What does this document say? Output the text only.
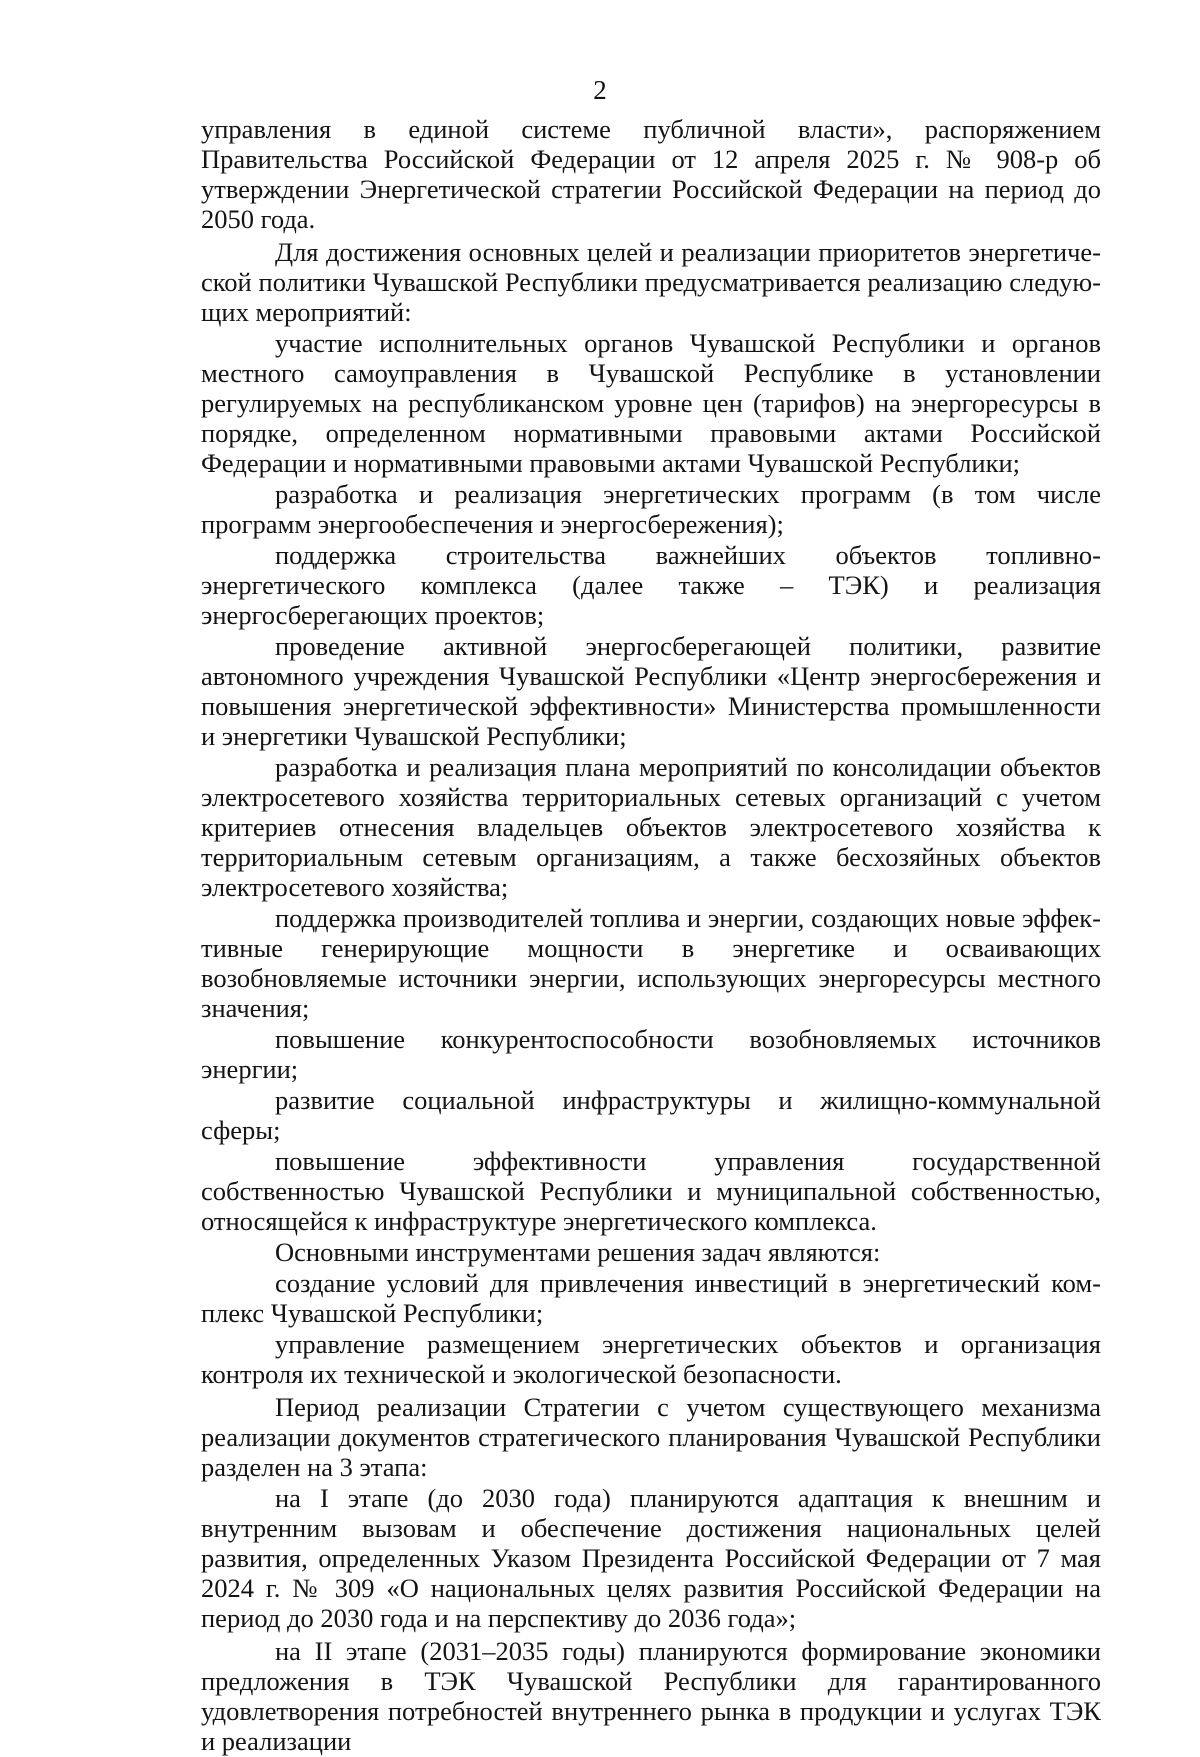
2

управления в единой системе публичной власти», распоряжением Правительства Российской Федерации от 12 апреля 2025 г. № 908-р об утверждении Энергетической стратегии Российской Федерации на период до 2050 года.

Для достижения основных целей и реализации приоритетов энергетической политики Чувашской Республики предусматривается реализацию следующих мероприятий:

участие исполнительных органов Чувашской Республики и органов местного самоуправления в Чувашской Республике в установлении регулируемых на республиканском уровне цен (тарифов) на энергоресурсы в порядке, определенном нормативными правовыми актами Российской Федерации и нормативными правовыми актами Чувашской Республики;

разработка и реализация энергетических программ (в том числе программ энергообеспечения и энергосбережения);

поддержка строительства важнейших объектов топливно-энергетического комплекса (далее также – ТЭК) и реализация энергосберегающих проектов;

проведение активной энергосберегающей политики, развитие автономного учреждения Чувашской Республики «Центр энергосбережения и повышения энергетической эффективности» Министерства промышленности и энергетики Чувашской Республики;

разработка и реализация плана мероприятий по консолидации объектов электросетевого хозяйства территориальных сетевых организаций с учетом критериев отнесения владельцев объектов электросетевого хозяйства к территориальным сетевым организациям, а также бесхозяйных объектов электросетевого хозяйства;

поддержка производителей топлива и энергии, создающих новые эффективные генерирующие мощности в энергетике и осваивающих возобновляемые источники энергии, использующих энергоресурсы местного значения;

повышение конкурентоспособности возобновляемых источников энергии;

развитие социальной инфраструктуры и жилищно-коммунальной сферы;

повышение эффективности управления государственной собственностью Чувашской Республики и муниципальной собственностью, относящейся к инфраструктуре энергетического комплекса.

Основными инструментами решения задач являются:

создание условий для привлечения инвестиций в энергетический комплекс Чувашской Республики;

управление размещением энергетических объектов и организация контроля их технической и экологической безопасности.

Период реализации Стратегии с учетом существующего механизма реализации документов стратегического планирования Чувашской Республики разделен на 3 этапа:

на I этапе (до 2030 года) планируются адаптация к внешним и внутренним вызовам и обеспечение достижения национальных целей развития, определенных Указом Президента Российской Федерации от 7 мая 2024 г. № 309 «О национальных целях развития Российской Федерации на период до 2030 года и на перспективу до 2036 года»;

на II этапе (2031–2035 годы) планируются формирование экономики предложения в ТЭК Чувашской Республики для гарантированного удовлетворения потребностей внутреннего рынка в продукции и услугах ТЭК и реализации
